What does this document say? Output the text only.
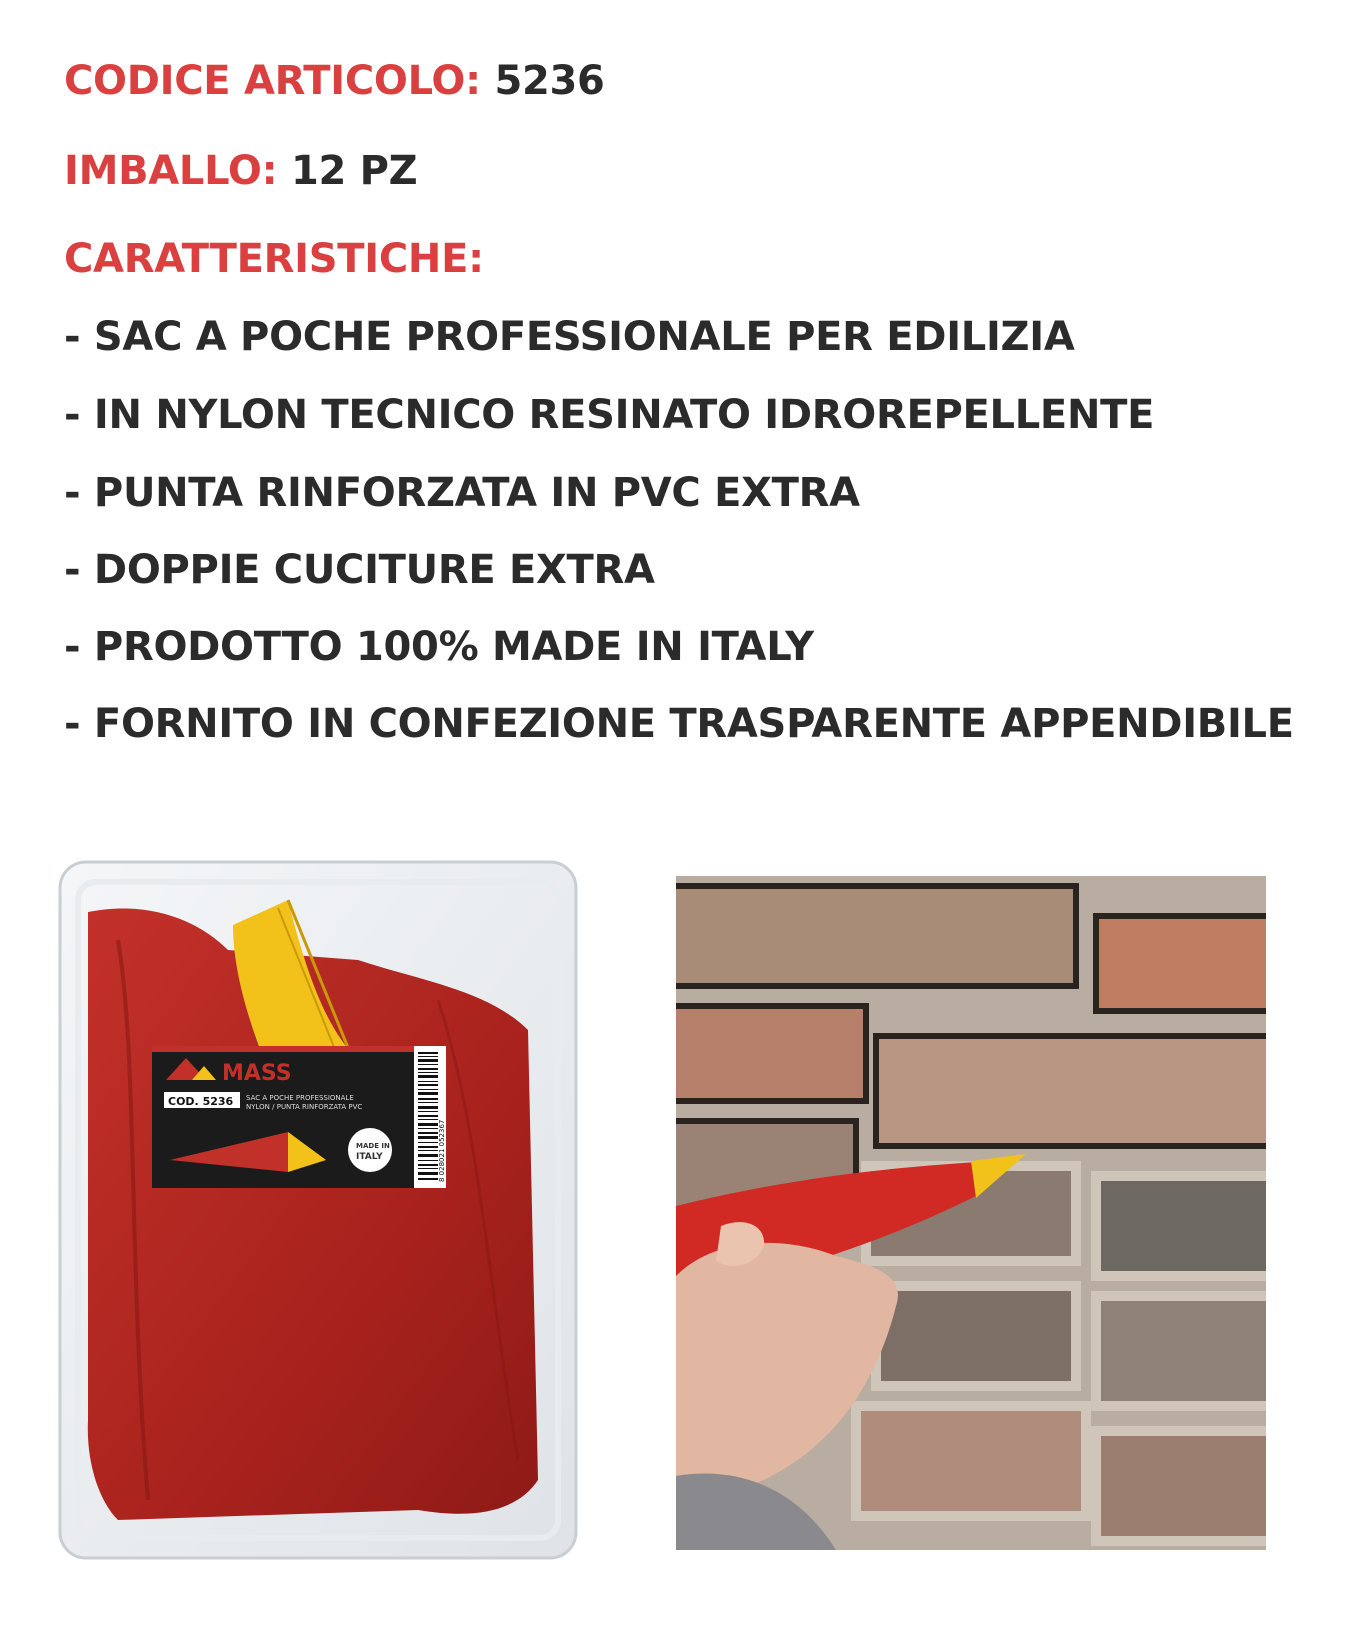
CODICE ARTICOLO: 5236
IMBALLO: 12 PZ
CARATTERISTICHE:
- SAC A POCHE PROFESSIONALE PER EDILIZIA
- IN NYLON TECNICO RESINATO IDROREPELLENTE
- PUNTA RINFORZATA IN PVC EXTRA
- DOPPIE CUCITURE EXTRA
- PRODOTTO 100% MADE IN ITALY
- FORNITO IN CONFEZIONE TRASPARENTE APPENDIBILE
MASS
COD. 5236 SAC A POCHE PROFESSIONALE
NYLON / PUNTA RINFORZATA PVC
MADE IN
ITALY	8 028021 052367
